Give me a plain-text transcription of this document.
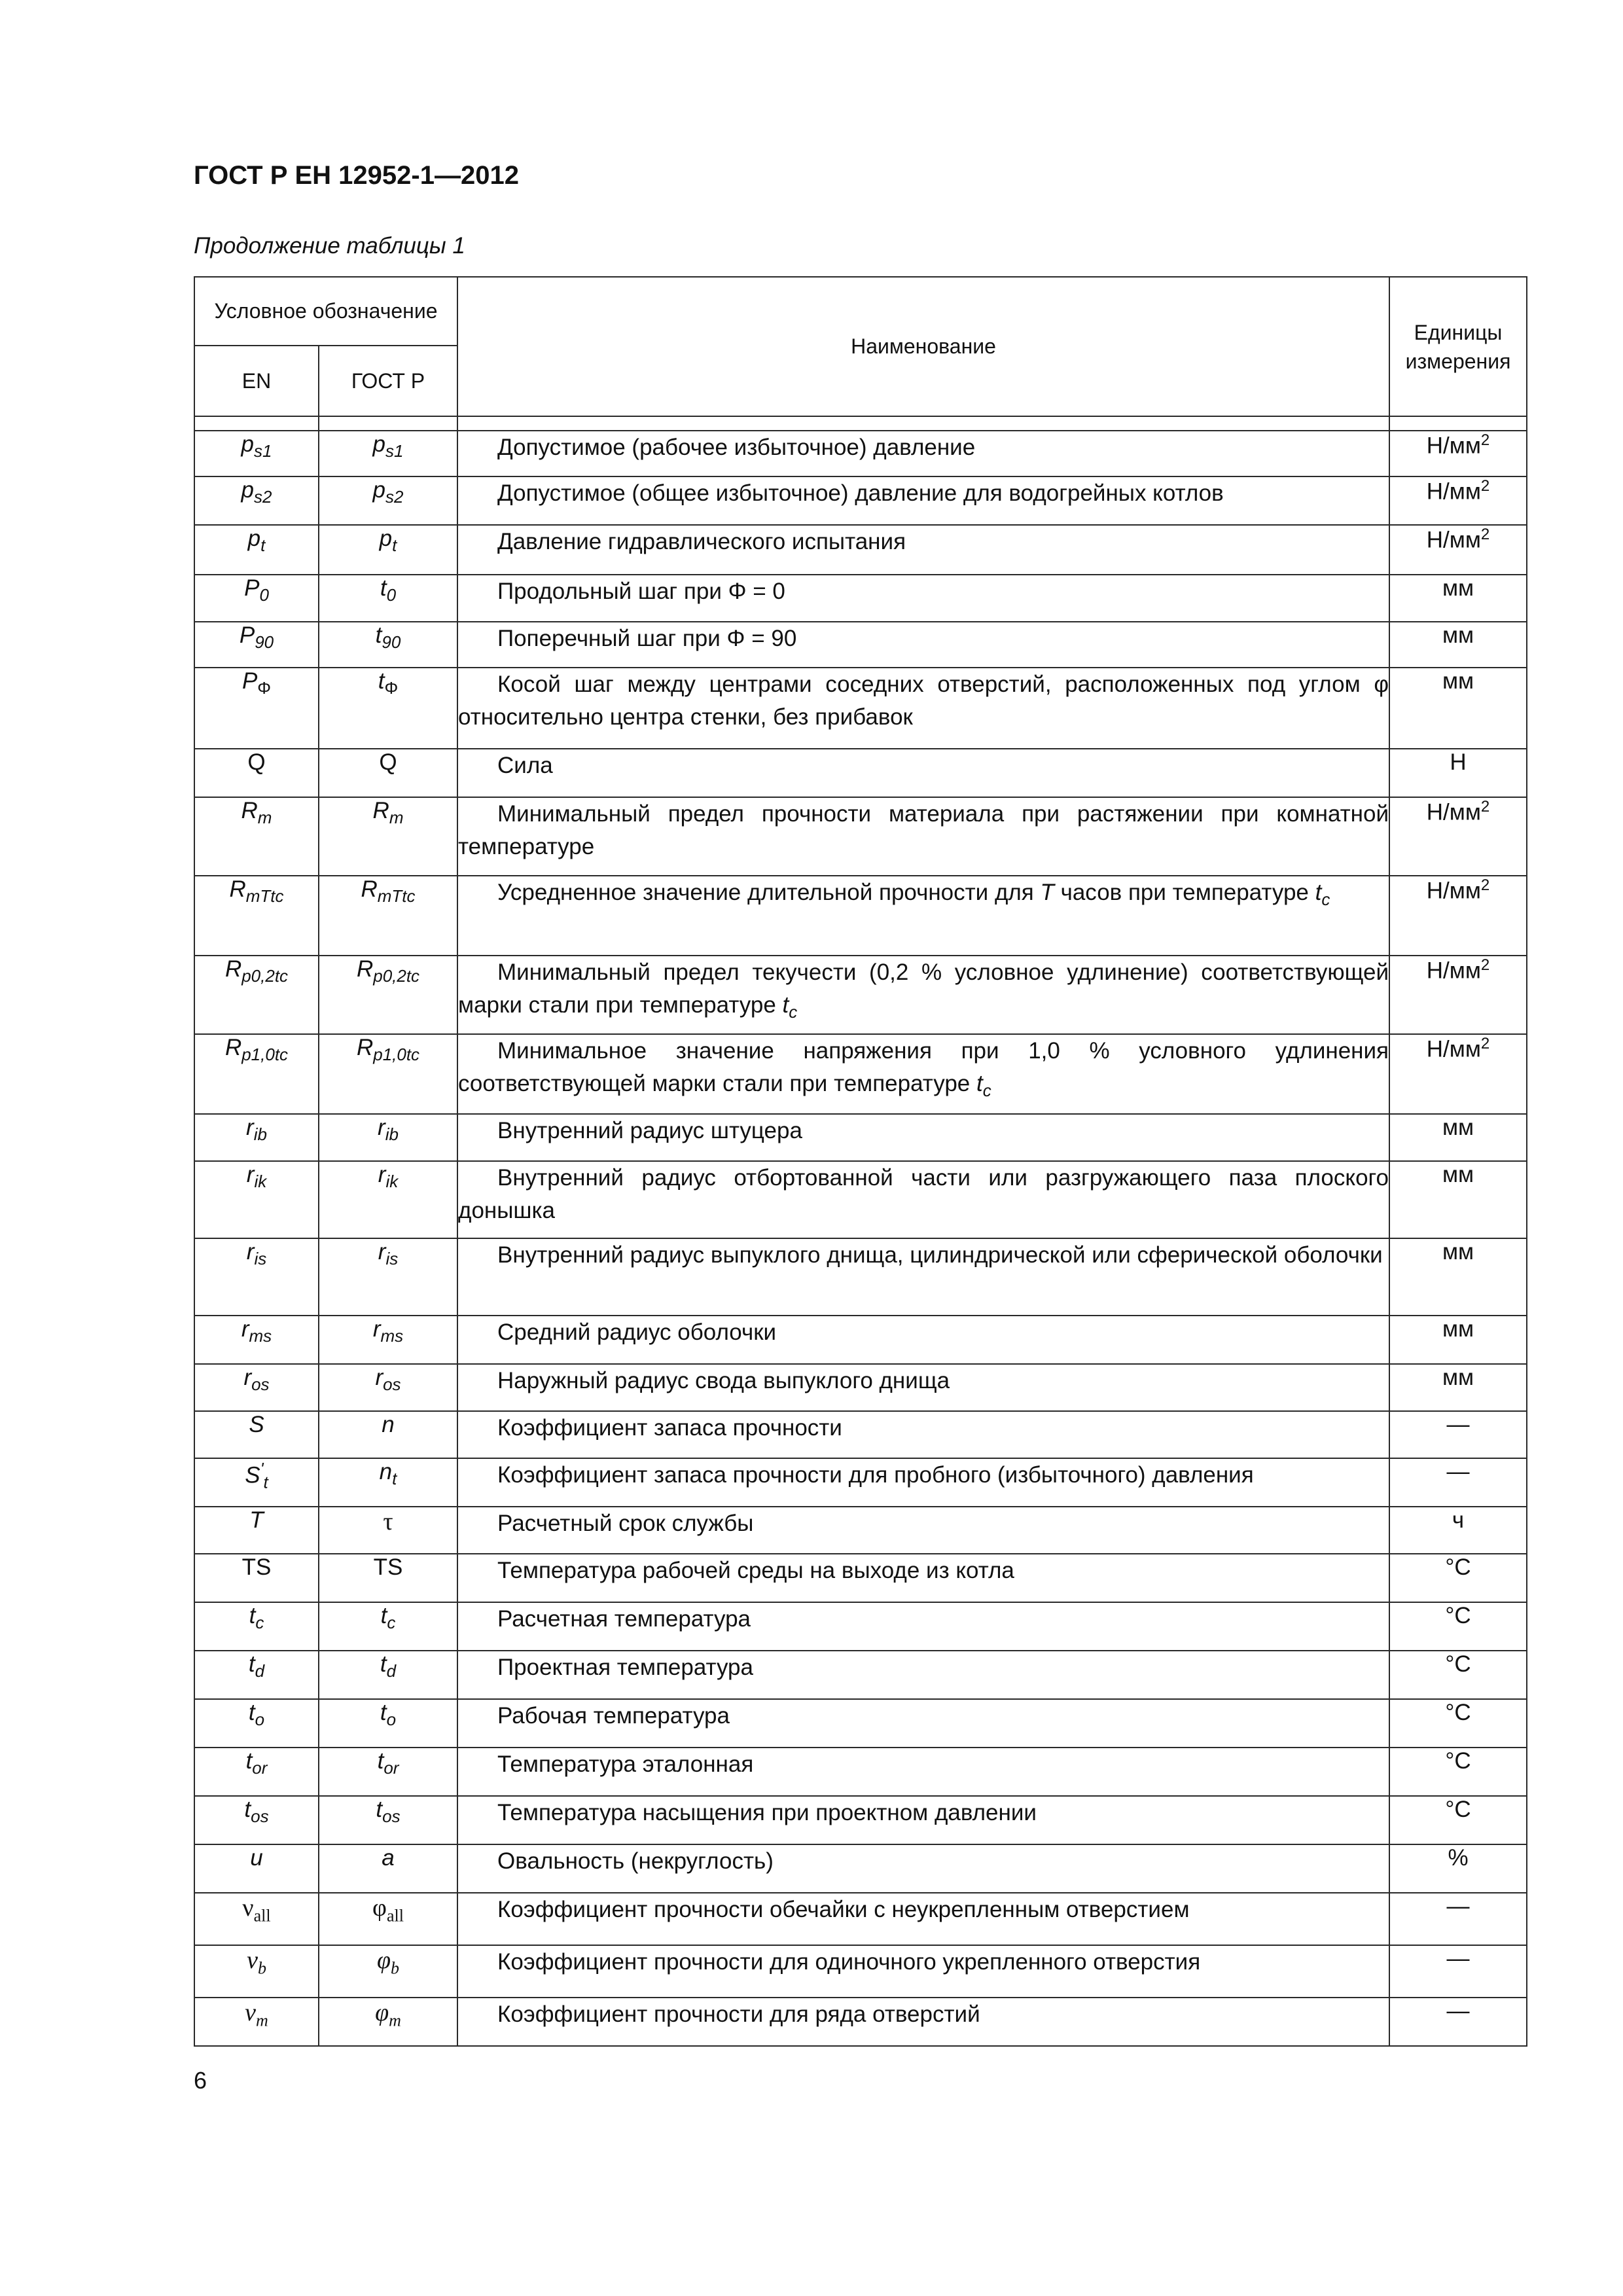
ГОСТ Р ЕН 12952-1—2012
Продолжение таблицы 1
Условное обозначение		Наименование	Единицы измерения
EN	ГОСТ Р		

$p_{s1}$	$p_{s1}$	Допустимое (рабочее избыточное) давление	$Н/мм^2$
$p_{s2}$	$p_{s2}$	Допустимое (общее избыточное) давление для водогрейных котлов	$Н/мм^2$
$p_t$	$p_t$	Давление гидравлического испытания	$Н/мм^2$
$P_0$	$t_0$	Продольный шаг при Φ = 0	мм
$P_{90}$	$t_{90}$	Поперечный шаг при Φ = 90	мм
$P_\Phi$	$t_\Phi$	Косой шаг между центрами соседних отверстий, расположенных под углом φ относительно центра стенки, без прибавок	мм
Q	Q	Сила	Н
$R_m$	$R_m$	Минимальный предел прочности материала при растяжении при комнатной температуре	$Н/мм^2$
$R_{mTtc}$	$R_{mTtc}$	Усредненное значение длительной прочности для T часов при температуре $t_c$	$Н/мм^2$
$R_{p0,2tc}$	$R_{p0,2tc}$	Минимальный предел текучести (0,2 % условное удлинение) соответствующей марки стали при температуре $t_c$	$Н/мм^2$
$R_{p1,0tc}$	$R_{p1,0tc}$	Минимальное значение напряжения при 1,0 % условного удлинения соответствующей марки стали при температуре $t_c$	$Н/мм^2$
$r_{ib}$	$r_{ib}$	Внутренний радиус штуцера	мм
$r_{ik}$	$r_{ik}$	Внутренний радиус отбортованной части или разгружающего паза плоского донышка	мм
$r_{is}$	$r_{is}$	Внутренний радиус выпуклого днища, цилиндрической или сферической оболочки	мм
$r_{ms}$	$r_{ms}$	Средний радиус оболочки	мм
$r_{os}$	$r_{os}$	Наружный радиус свода выпуклого днища	мм
S	n	Коэффициент запаса прочности	—
$S'_t$	$n_t$	Коэффициент запаса прочности для пробного (избыточного) давления	—
T	τ	Расчетный срок службы	ч
TS	TS	Температура рабочей среды на выходе из котла	°C
$t_c$	$t_c$	Расчетная температура	°C
$t_d$	$t_d$	Проектная температура	°C
$t_o$	$t_o$	Рабочая температура	°C
$t_{or}$	$t_{or}$	Температура эталонная	°C
$t_{os}$	$t_{os}$	Температура насыщения при проектном давлении	°C
u	a	Овальность (некруглость)	%
$\nu_{all}$	$\varphi_{all}$	Коэффициент прочности обечайки с неукрепленным отверстием	—
$\nu_b$	$\varphi_b$	Коэффициент прочности для одиночного укрепленного отверстия	—
$\nu_m$	$\varphi_m$	Коэффициент прочности для ряда отверстий	—
6
